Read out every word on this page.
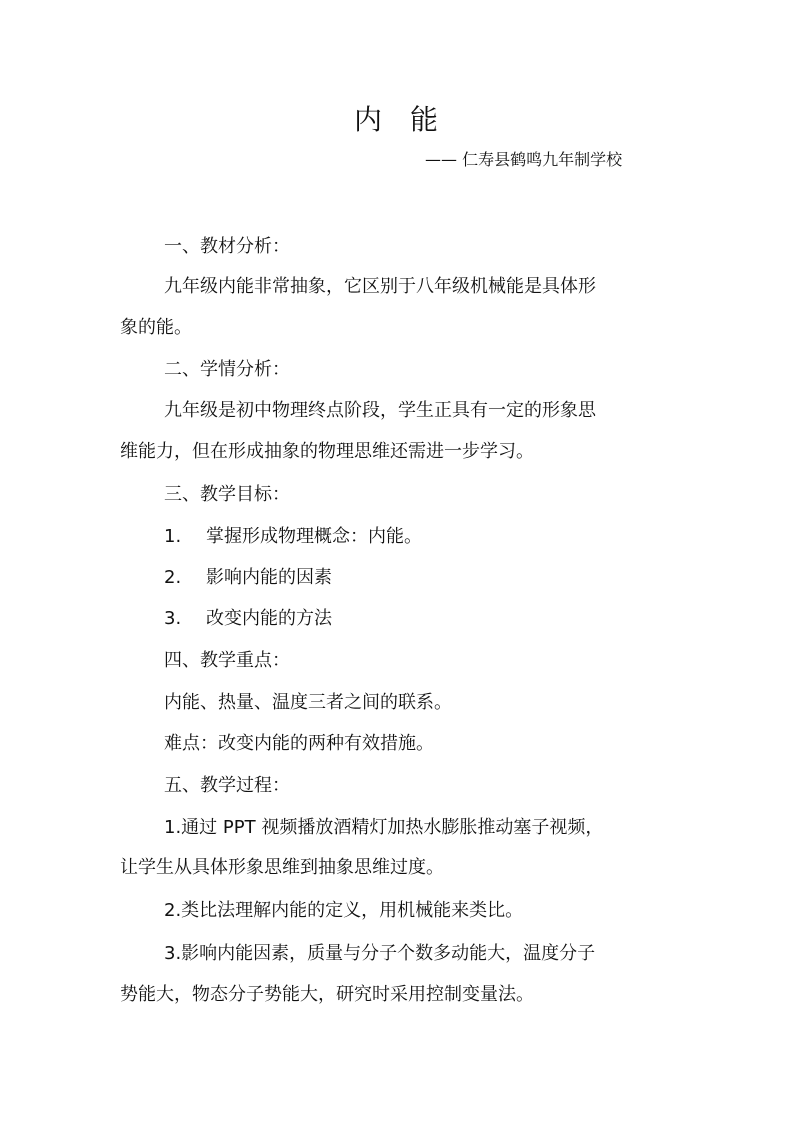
内 能
—— 仁寿县鹤鸣九年制学校
一、教材分析：
九年级内能非常抽象，它区别于八年级机械能是具体形
象的能。
二、学情分析：
九年级是初中物理终点阶段，学生正具有一定的形象思
维能力，但在形成抽象的物理思维还需进一步学习。
三、教学目标：
1. 掌握形成物理概念：内能。
2. 影响内能的因素
3. 改变内能的方法
四、教学重点：
内能、热量、温度三者之间的联系。
难点：改变内能的两种有效措施。
五、教学过程：
1.通过 PPT 视频播放酒精灯加热水膨胀推动塞子视频，
让学生从具体形象思维到抽象思维过度。
2.类比法理解内能的定义，用机械能来类比。
3.影响内能因素，质量与分子个数多动能大，温度分子
势能大，物态分子势能大，研究时采用控制变量法。
